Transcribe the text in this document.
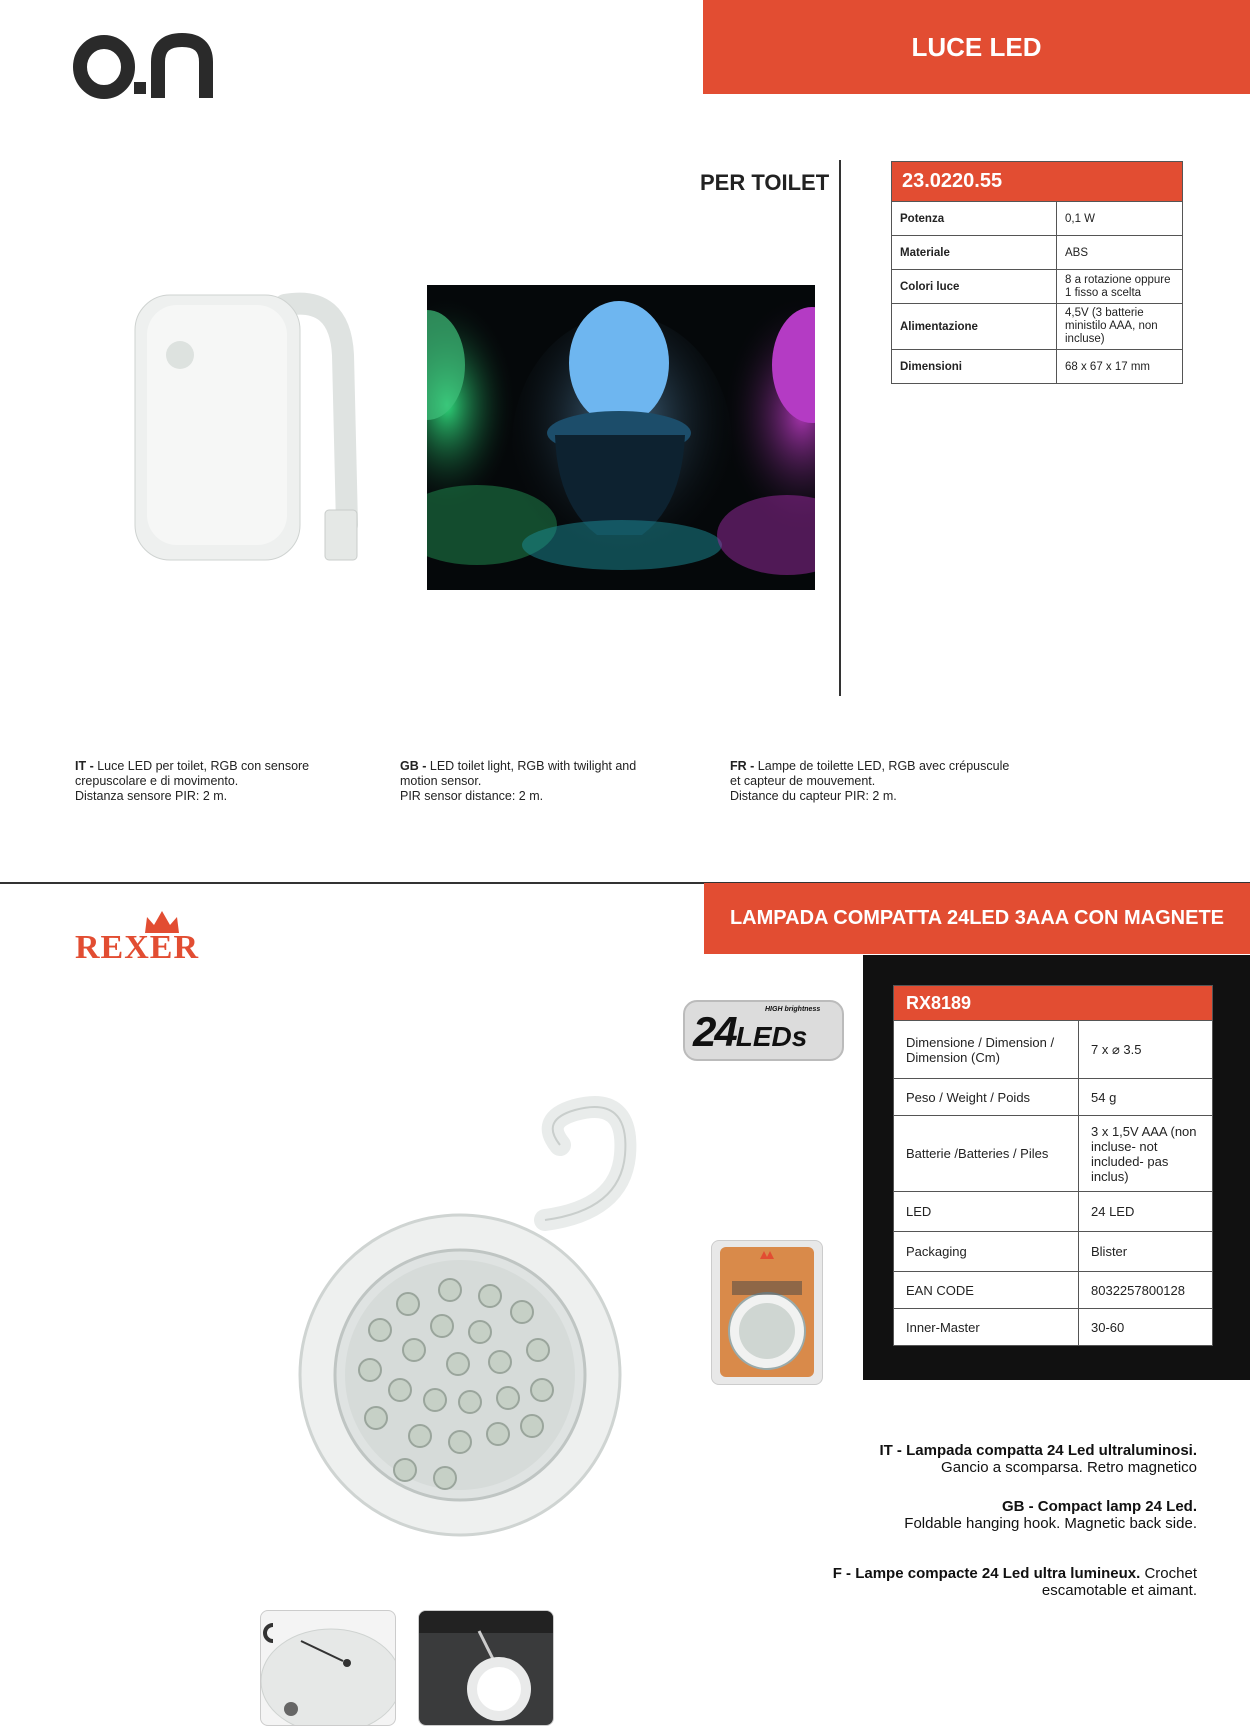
LUCE LED
PER TOILET	23.0220.55	
Potenza	0,1 W
Materiale	ABS
Colori luce	8 a rotazione oppure 1 fisso a scelta
Alimentazione	4,5V (3 batterie ministilo AAA, non incluse)
Dimensioni	68 x 67 x 17 mm
IT - Luce LED per toilet, RGB con sensore
crepuscolare e di movimento.
Distanza sensore PIR: 2 m.
GB - LED toilet light, RGB with twilight and
motion sensor.
PIR sensor distance: 2 m.
FR - Lampe de toilette LED, RGB avec crépuscule
et capteur de mouvement.
Distance du capteur PIR: 2 m.
REXER
LAMPADA COMPATTA 24LED 3AAA CON MAGNETE
HIGH brightness
24LEDs
RX8189	
Dimensione / Dimension / Dimension (Cm)	7 x ⌀ 3.5
Peso / Weight / Poids	54 g
Batterie /Batteries / Piles	3 x 1,5V AAA (non incluse- not included- pas inclus)
LED	24 LED
Packaging	Blister
EAN CODE	8032257800128
Inner-Master	30-60
IT - Lampada compatta 24 Led ultraluminosi.
Gancio a scomparsa. Retro magnetico
GB - Compact lamp 24 Led.
Foldable hanging hook. Magnetic back side.
F - Lampe compacte 24 Led ultra lumineux. Crochet
escamotable et aimant.
